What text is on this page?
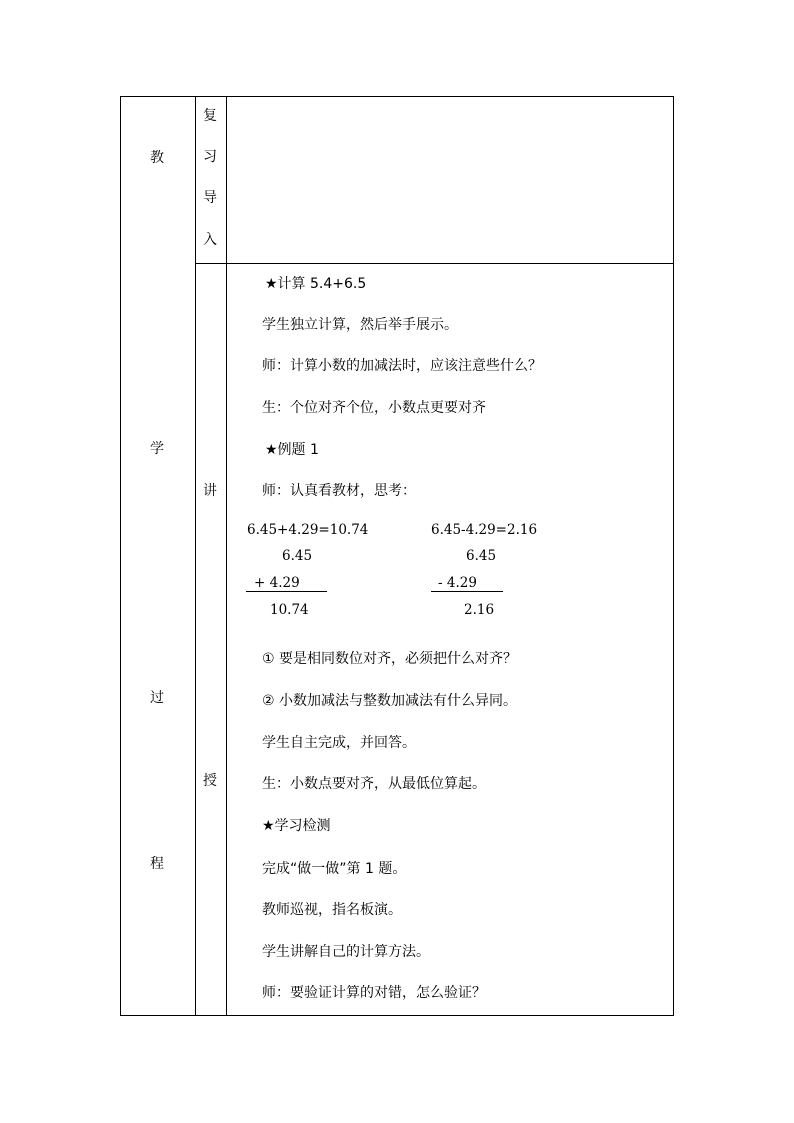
教
学
过
程
复
习
导
入
讲
授
★计算 5.4+6.5
学生独立计算，然后举手展示。
师：计算小数的加减法时，应该注意些什么？
生：个位对齐个位，小数点更要对齐
★例题 1
师：认真看教材，思考：
6.45+4.29=10.74	6.45-4.29=2.16
6.45
+ 4.29
10.74
6.45
- 4.29
2.16
① 要是相同数位对齐，必须把什么对齐？
② 小数加减法与整数加减法有什么异同。
学生自主完成，并回答。
生：小数点要对齐，从最低位算起。
★学习检测
完成“做一做”第 1 题。
教师巡视，指名板演。
学生讲解自己的计算方法。
师：要验证计算的对错，怎么验证？
